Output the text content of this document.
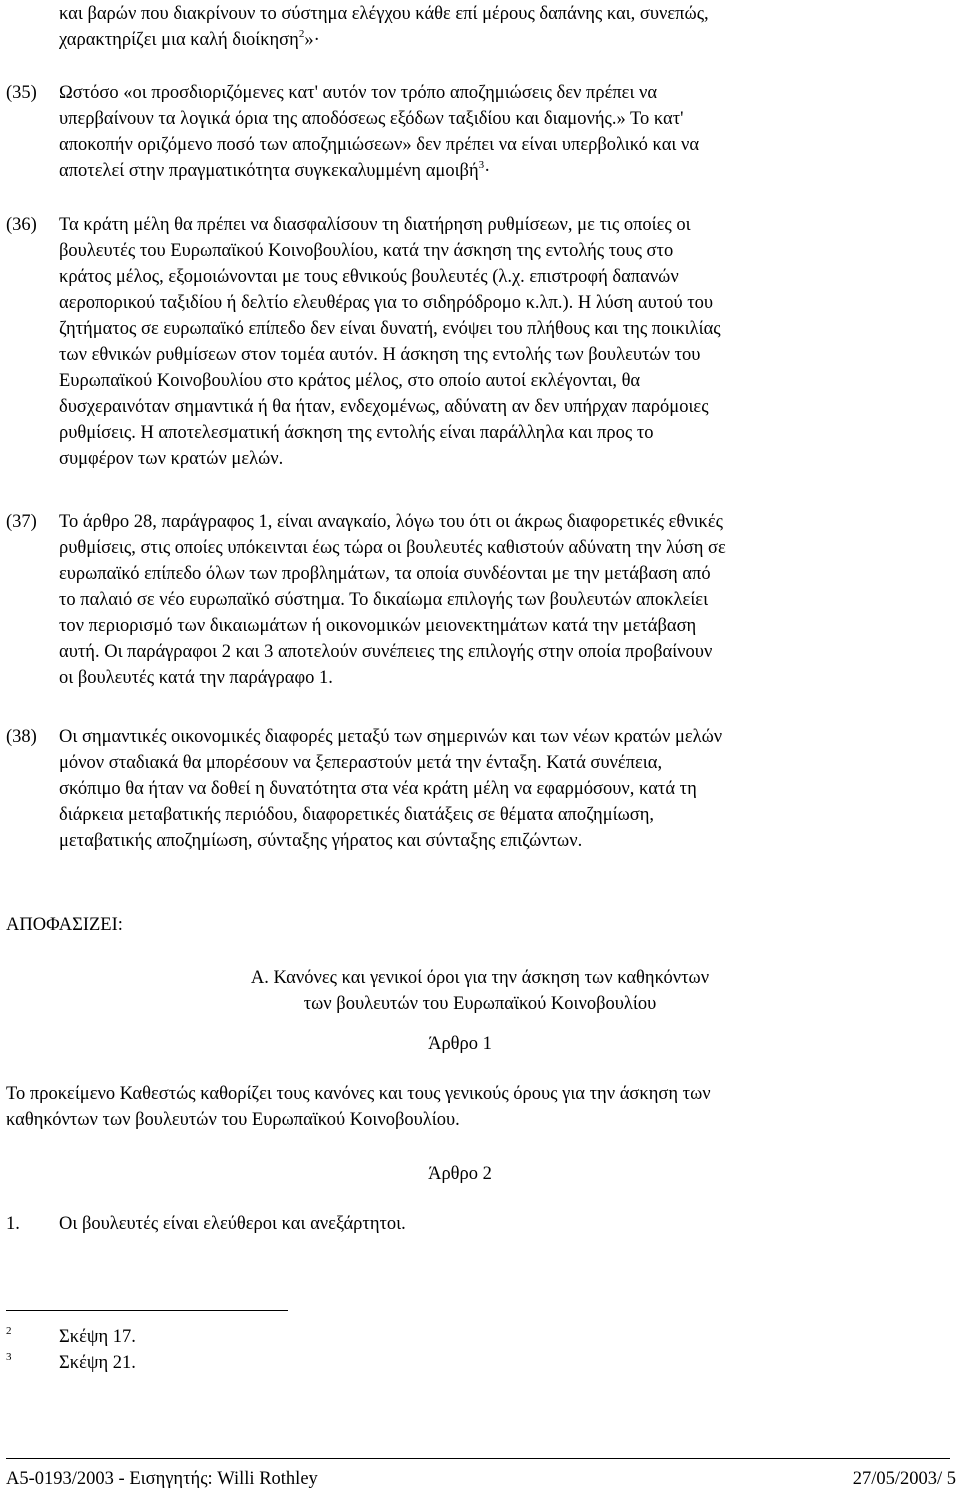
και βαρών που διακρίνουν το σύστημα ελέγχου κάθε επί μέρους δαπάνης και, συνεπώς,
χαρακτηρίζει μια καλή διοίκηση$^2$»·
(35) Ωστόσο «οι προσδιοριζόμενες κατ' αυτόν τον τρόπο αποζημιώσεις δεν πρέπει να
υπερβαίνουν τα λογικά όρια της αποδόσεως εξόδων ταξιδίου και διαμονής.» Το κατ'
αποκοπήν οριζόμενο ποσό των αποζημιώσεων» δεν πρέπει να είναι υπερβολικό και να
αποτελεί στην πραγματικότητα συγκεκαλυμμένη αμοιβή$^3$·
(36) Τα κράτη μέλη θα πρέπει να διασφαλίσουν τη διατήρηση ρυθμίσεων, με τις οποίες οι
βουλευτές του Ευρωπαϊκού Κοινοβουλίου, κατά την άσκηση της εντολής τους στο
κράτος μέλος, εξομοιώνονται με τους εθνικούς βουλευτές (λ.χ. επιστροφή δαπανών
αεροπορικού ταξιδίου ή δελτίο ελευθέρας για το σιδηρόδρομο κ.λπ.). Η λύση αυτού του
ζητήματος σε ευρωπαϊκό επίπεδο δεν είναι δυνατή, ενόψει του πλήθους και της ποικιλίας
των εθνικών ρυθμίσεων στον τομέα αυτόν. Η άσκηση της εντολής των βουλευτών του
Ευρωπαϊκού Κοινοβουλίου στο κράτος μέλος, στο οποίο αυτοί εκλέγονται, θα
δυσχεραινόταν σημαντικά ή θα ήταν, ενδεχομένως, αδύνατη αν δεν υπήρχαν παρόμοιες
ρυθμίσεις. Η αποτελεσματική άσκηση της εντολής είναι παράλληλα και προς το
συμφέρον των κρατών μελών.
(37) Το άρθρο 28, παράγραφος 1, είναι αναγκαίο, λόγω του ότι οι άκρως διαφορετικές εθνικές
ρυθμίσεις, στις οποίες υπόκεινται έως τώρα οι βουλευτές καθιστούν αδύνατη την λύση σε
ευρωπαϊκό επίπεδο όλων των προβλημάτων, τα οποία συνδέονται με την μετάβαση από
το παλαιό σε νέο ευρωπαϊκό σύστημα. Το δικαίωμα επιλογής των βουλευτών αποκλείει
τον περιορισμό των δικαιωμάτων ή οικονομικών μειονεκτημάτων κατά την μετάβαση
αυτή. Οι παράγραφοι 2 και 3 αποτελούν συνέπειες της επιλογής στην οποία προβαίνουν
οι βουλευτές κατά την παράγραφο 1.
(38) Οι σημαντικές οικονομικές διαφορές μεταξύ των σημερινών και των νέων κρατών μελών
μόνον σταδιακά θα μπορέσουν να ξεπεραστούν μετά την ένταξη. Κατά συνέπεια,
σκόπιμο θα ήταν να δοθεί η δυνατότητα στα νέα κράτη μέλη να εφαρμόσουν, κατά τη
διάρκεια μεταβατικής περιόδου, διαφορετικές διατάξεις σε θέματα αποζημίωση,
μεταβατικής αποζημίωση, σύνταξης γήρατος και σύνταξης επιζώντων.
ΑΠΟΦΑΣΙΖΕΙ:
Α. Κανόνες και γενικοί όροι για την άσκηση των καθηκόντων
των βουλευτών του Ευρωπαϊκού Κοινοβουλίου
Άρθρο 1
Το προκείμενο Καθεστώς καθορίζει τους κανόνες και τους γενικούς όρους για την άσκηση των
καθηκόντων των βουλευτών του Ευρωπαϊκού Κοινοβουλίου.
Άρθρο 2
1. Οι βουλευτές είναι ελεύθεροι και ανεξάρτητοι.
2	Σκέψη 17.
3	Σκέψη 21.
A5-0193/2003 - Εισηγητής: Willi Rothley	27/05/2003/ 5
